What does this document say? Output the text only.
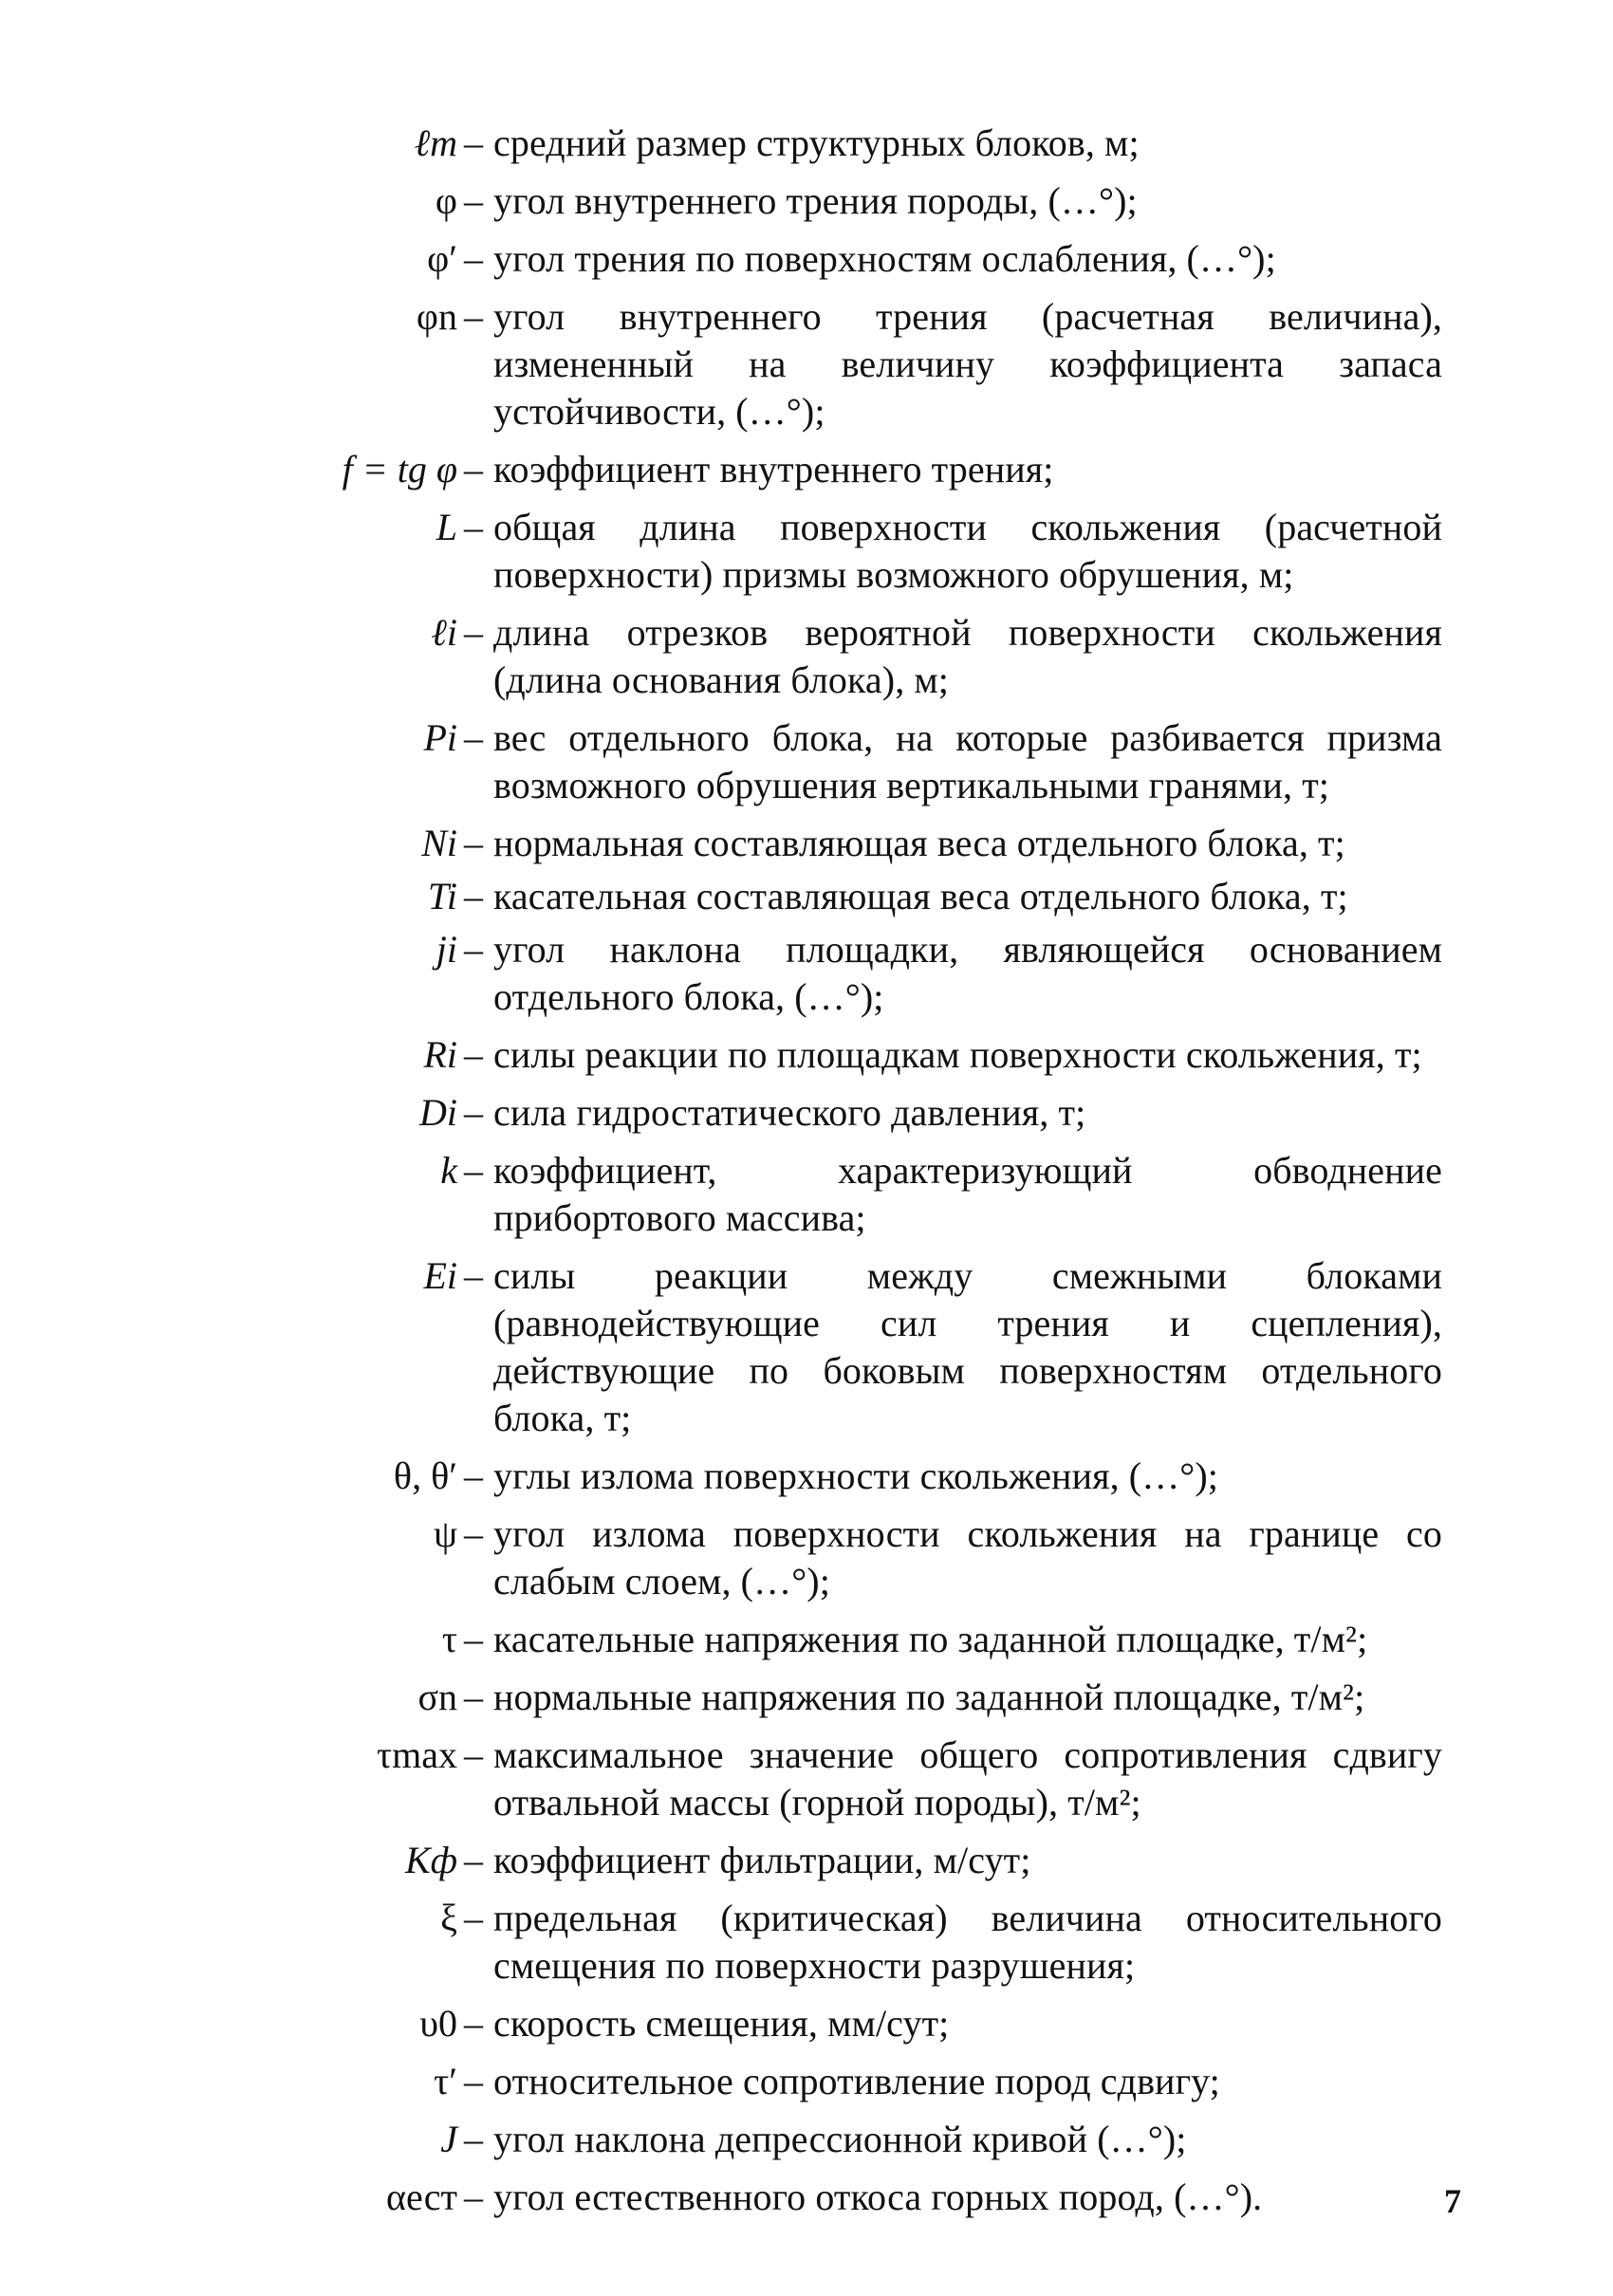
ℓт – средний размер структурных блоков, м;
φ – угол внутреннего трения породы, (…°);
φ′ – угол трения по поверхностям ослабления, (…°);
φn – угол внутреннего трения (расчетная величина), измененный на величину коэффициента запаса устойчивости, (…°);
f = tg φ – коэффициент внутреннего трения;
L – общая длина поверхности скольжения (расчетной поверхности) призмы возможного обрушения, м;
ℓi – длина отрезков вероятной поверхности скольжения (длина основания блока), м;
Pi – вес отдельного блока, на которые разбивается призма возможного обрушения вертикальными гранями, т;
Ni – нормальная составляющая веса отдельного блока, т;
Ti – касательная составляющая веса отдельного блока, т;
ji – угол наклона площадки, являющейся основанием отдельного блока, (…°);
Ri – силы реакции по площадкам поверхности скольжения, т;
Di – сила гидростатического давления, т;
k – коэффициент, характеризующий обводнение прибортового массива;
Ei – силы реакции между смежными блоками (равнодействующие сил трения и сцепления), действующие по боковым поверхностям отдельного блока, т;
θ, θ′ – углы излома поверхности скольжения, (…°);
ψ – угол излома поверхности скольжения на границе со слабым слоем, (…°);
τ – касательные напряжения по заданной площадке, т/м²;
σn – нормальные напряжения по заданной площадке, т/м²;
τmax – максимальное значение общего сопротивления сдвигу отвальной массы (горной породы), т/м²;
Кф – коэффициент фильтрации, м/сут;
ξ – предельная (критическая) величина относительного смещения по поверхности разрушения;
υ0 – скорость смещения, мм/сут;
τ′ – относительное сопротивление пород сдвигу;
J – угол наклона депрессионной кривой (…°);
αест – угол естественного откоса горных пород, (…°).	7
